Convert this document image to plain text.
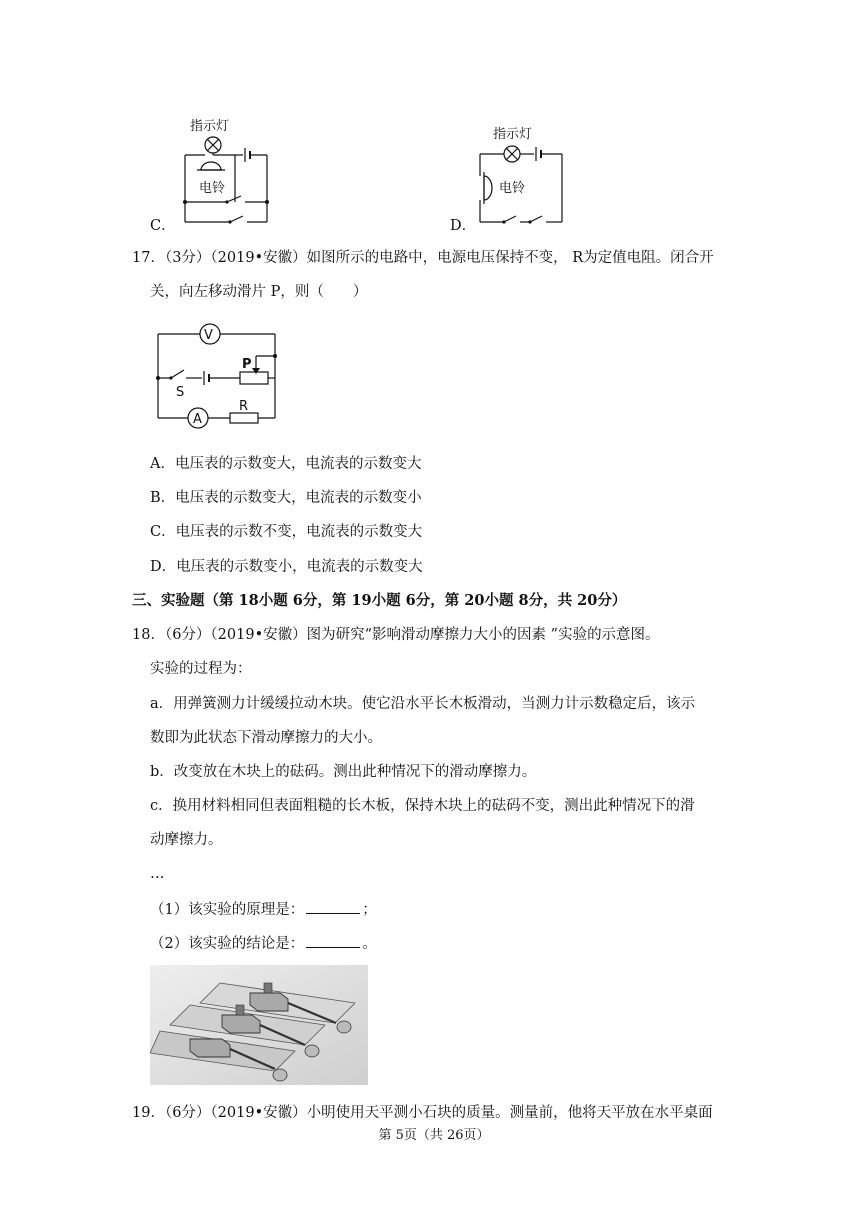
指示灯
电铃
C．
指示灯
电铃
D．
17．（3分）（2019•安徽）如图所示的电路中，电源电压保持不变， R为定值电阻。闭合开
关，向左移动滑片 P，则（　　）
V
S
P
A
R
A．电压表的示数变大，电流表的示数变大
B．电压表的示数变大，电流表的示数变小
C．电压表的示数不变，电流表的示数变大
D．电压表的示数变小，电流表的示数变大
三、实验题（第 18小题 6分，第 19小题 6分，第 20小题 8分，共 20分）
18．（6分）（2019•安徽）图为研究“影响滑动摩擦力大小的因素 ”实验的示意图。
实验的过程为：
a．用弹簧测力计缓缓拉动木块。使它沿水平长木板滑动，当测力计示数稳定后，该示
数即为此状态下滑动摩擦力的大小。
b．改变放在木块上的砝码。测出此种情况下的滑动摩擦力。
c．换用材料相同但表面粗糙的长木板，保持木块上的砝码不变，测出此种情况下的滑
动摩擦力。
…
（1）该实验的原理是：	；
（2）该实验的结论是：	。
19．（6分）（2019•安徽）小明使用天平测小石块的质量。测量前，他将天平放在水平桌面
第 5页（共 26页）
